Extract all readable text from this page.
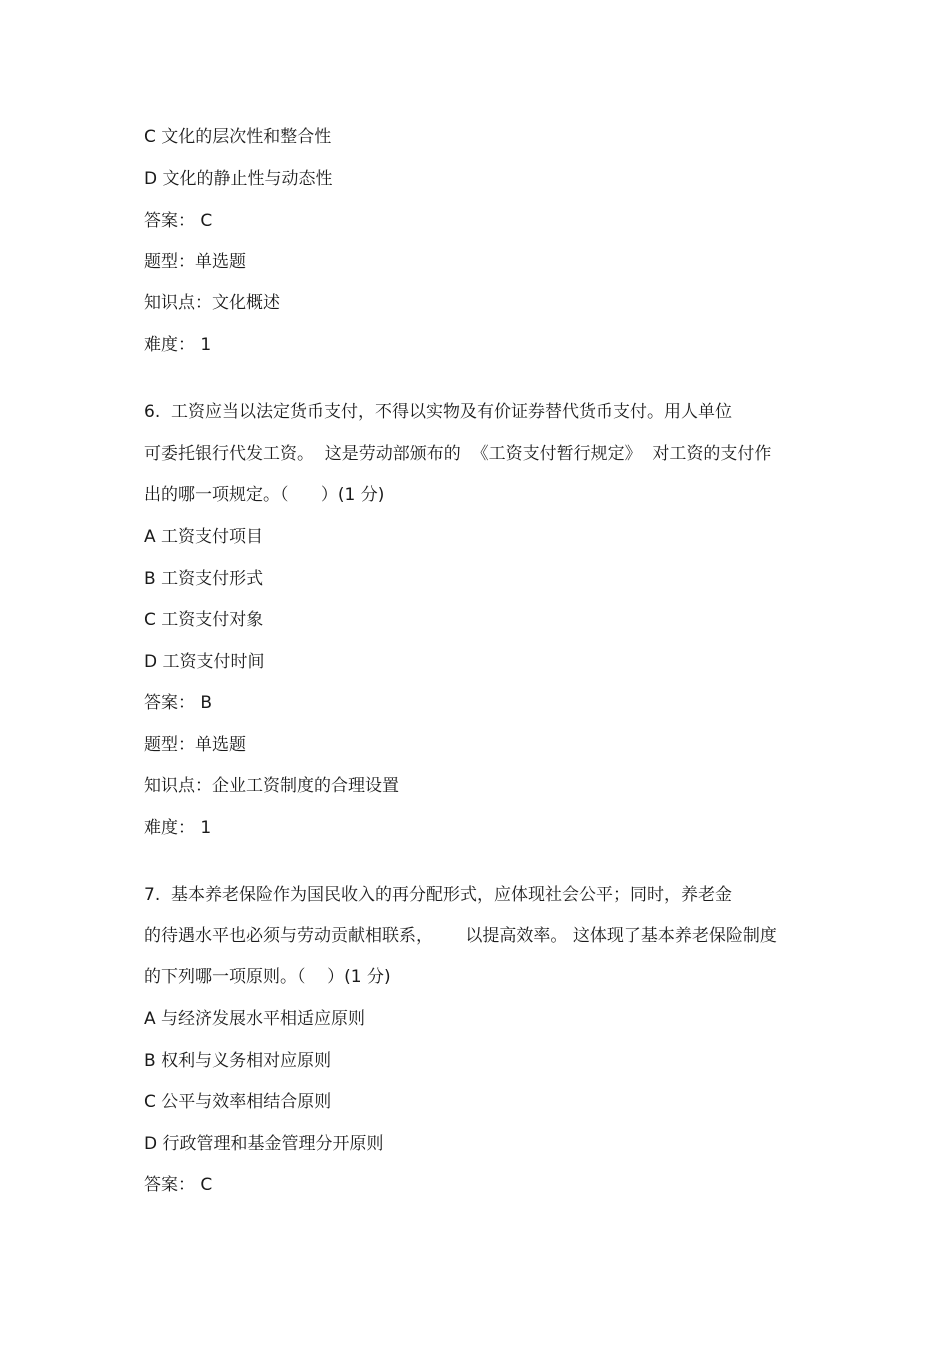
C 文化的层次性和整合性
D 文化的静止性与动态性
答案： C
题型：单选题
知识点：文化概述
难度： 1
6.  工资应当以法定货币支付，不得以实物及有价证券替代货币支付。用人单位
可委托银行代发工资。  这是劳动部颁布的  《工资支付暂行规定》  对工资的支付作
出的哪一项规定。（      ）(1 分)
A 工资支付项目
B 工资支付形式
C 工资支付对象
D 工资支付时间
答案： B
题型：单选题
知识点：企业工资制度的合理设置
难度： 1
7.  基本养老保险作为国民收入的再分配形式，应体现社会公平；同时，养老金
的待遇水平也必须与劳动贡献相联系，      以提高效率。 这体现了基本养老保险制度
的下列哪一项原则。（    ）(1 分)
A 与经济发展水平相适应原则
B 权利与义务相对应原则
C 公平与效率相结合原则
D 行政管理和基金管理分开原则
答案： C
